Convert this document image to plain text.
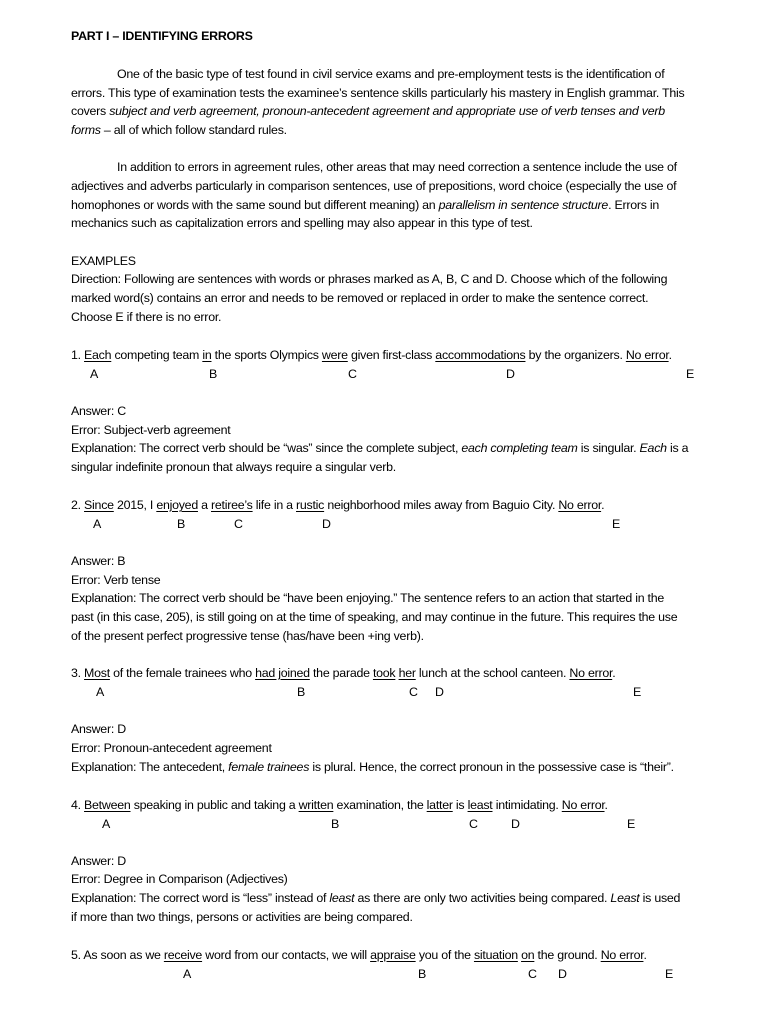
PART I – IDENTIFYING ERRORS
One of the basic type of test found in civil service exams and pre-employment tests is the identification of
errors. This type of examination tests the examinee’s sentence skills particularly his mastery in English grammar. This
covers subject and verb agreement, pronoun-antecedent agreement and appropriate use of verb tenses and verb
forms – all of which follow standard rules.
In addition to errors in agreement rules, other areas that may need correction a sentence include the use of
adjectives and adverbs particularly in comparison sentences, use of prepositions, word choice (especially the use of
homophones or words with the same sound but different meaning) an parallelism in sentence structure. Errors in
mechanics such as capitalization errors and spelling may also appear in this type of test.
EXAMPLES
Direction: Following are sentences with words or phrases marked as A, B, C and D. Choose which of the following
marked word(s) contains an error and needs to be removed or replaced in order to make the sentence correct.
Choose E if there is no error.
1. Each competing team in the sports Olympics were given first-class accommodations by the organizers. No error.
A	B	C	D	E
Answer: C
Error: Subject-verb agreement
Explanation: The correct verb should be “was” since the complete subject, each completing team is singular. Each is a
singular indefinite pronoun that always require a singular verb.
2. Since 2015, I enjoyed a retiree’s life in a rustic neighborhood miles away from Baguio City. No error.
A	B	C	D	E
Answer: B
Error: Verb tense
Explanation: The correct verb should be “have been enjoying.” The sentence refers to an action that started in the
past (in this case, 205), is still going on at the time of speaking, and may continue in the future. This requires the use
of the present perfect progressive tense (has/have been +ing verb).
3. Most of the female trainees who had joined the parade took her lunch at the school canteen. No error.
A	B	C D	E
Answer: D
Error: Pronoun-antecedent agreement
Explanation: The antecedent, female trainees is plural. Hence, the correct pronoun in the possessive case is “their”.
4. Between speaking in public and taking a written examination, the latter is least intimidating. No error.
A	B	C	D	E
Answer: D
Error: Degree in Comparison (Adjectives)
Explanation: The correct word is “less” instead of least as there are only two activities being compared. Least is used
if more than two things, persons or activities are being compared.
5. As soon as we receive word from our contacts, we will appraise you of the situation on the ground. No error.
A	B	C D	E
